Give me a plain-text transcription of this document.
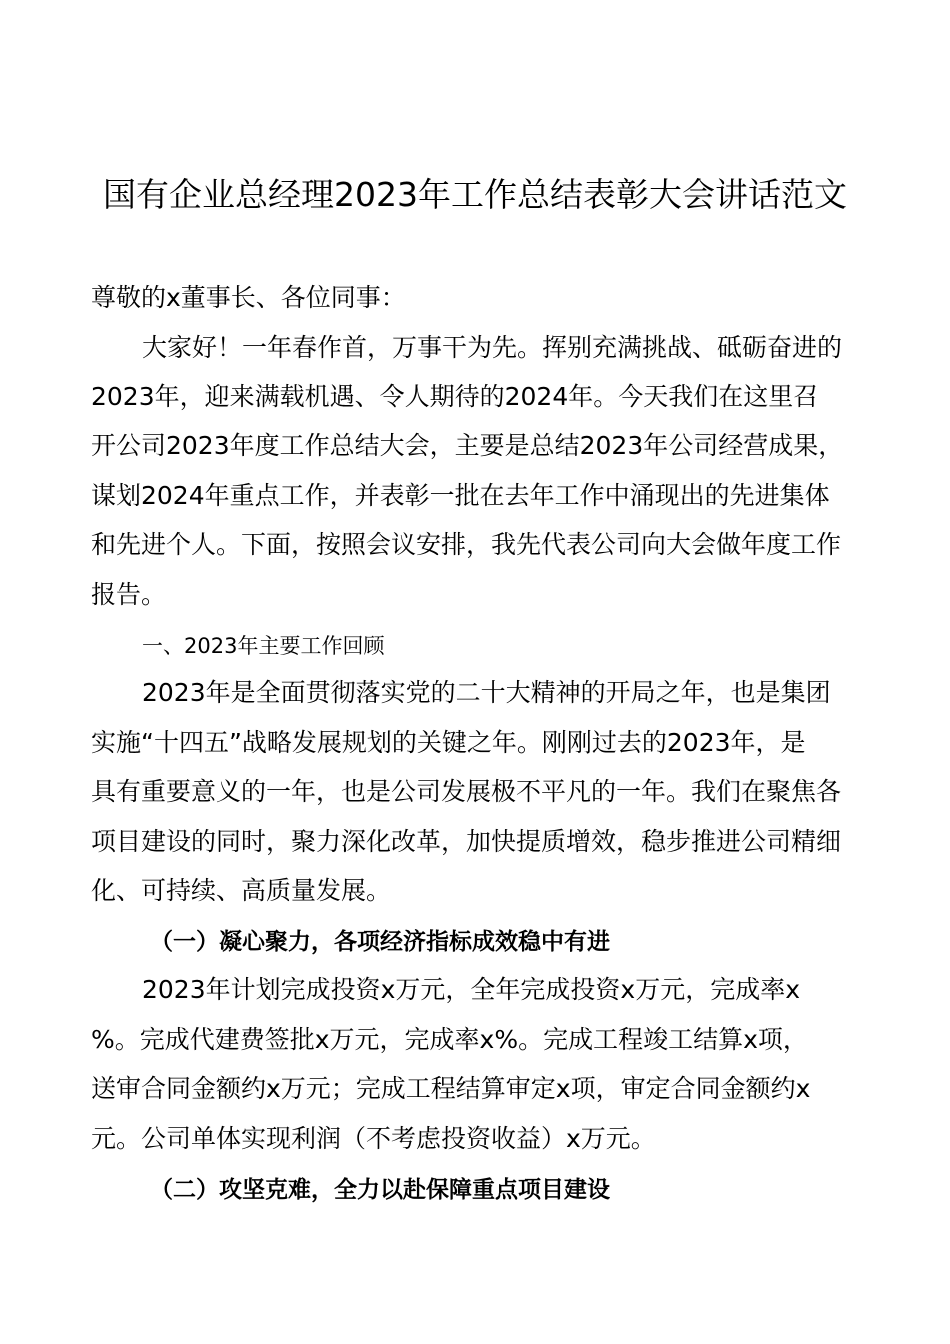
国有企业总经理2023年工作总结表彰大会讲话范文

尊敬的x董事长、各位同事：

大家好！一年春作首，万事干为先。挥别充满挑战、砥砺奋进的

2023年，迎来满载机遇、令人期待的2024年。今天我们在这里召

开公司2023年度工作总结大会，主要是总结2023年公司经营成果，

谋划2024年重点工作，并表彰一批在去年工作中涌现出的先进集体

和先进个人。下面，按照会议安排，我先代表公司向大会做年度工作

报告。

一、2023年主要工作回顾

2023年是全面贯彻落实党的二十大精神的开局之年，也是集团

实施“十四五”战略发展规划的关键之年。刚刚过去的2023年，是

具有重要意义的一年，也是公司发展极不平凡的一年。我们在聚焦各

项目建设的同时，聚力深化改革，加快提质增效，稳步推进公司精细

化、可持续、高质量发展。

（一）凝心聚力，各项经济指标成效稳中有进

2023年计划完成投资x万元，全年完成投资x万元，完成率x

%。完成代建费签批x万元，完成率x%。完成工程竣工结算x项，

送审合同金额约x万元；完成工程结算审定x项，审定合同金额约x

元。公司单体实现利润（不考虑投资收益）x万元。

（二）攻坚克难，全力以赴保障重点项目建设
